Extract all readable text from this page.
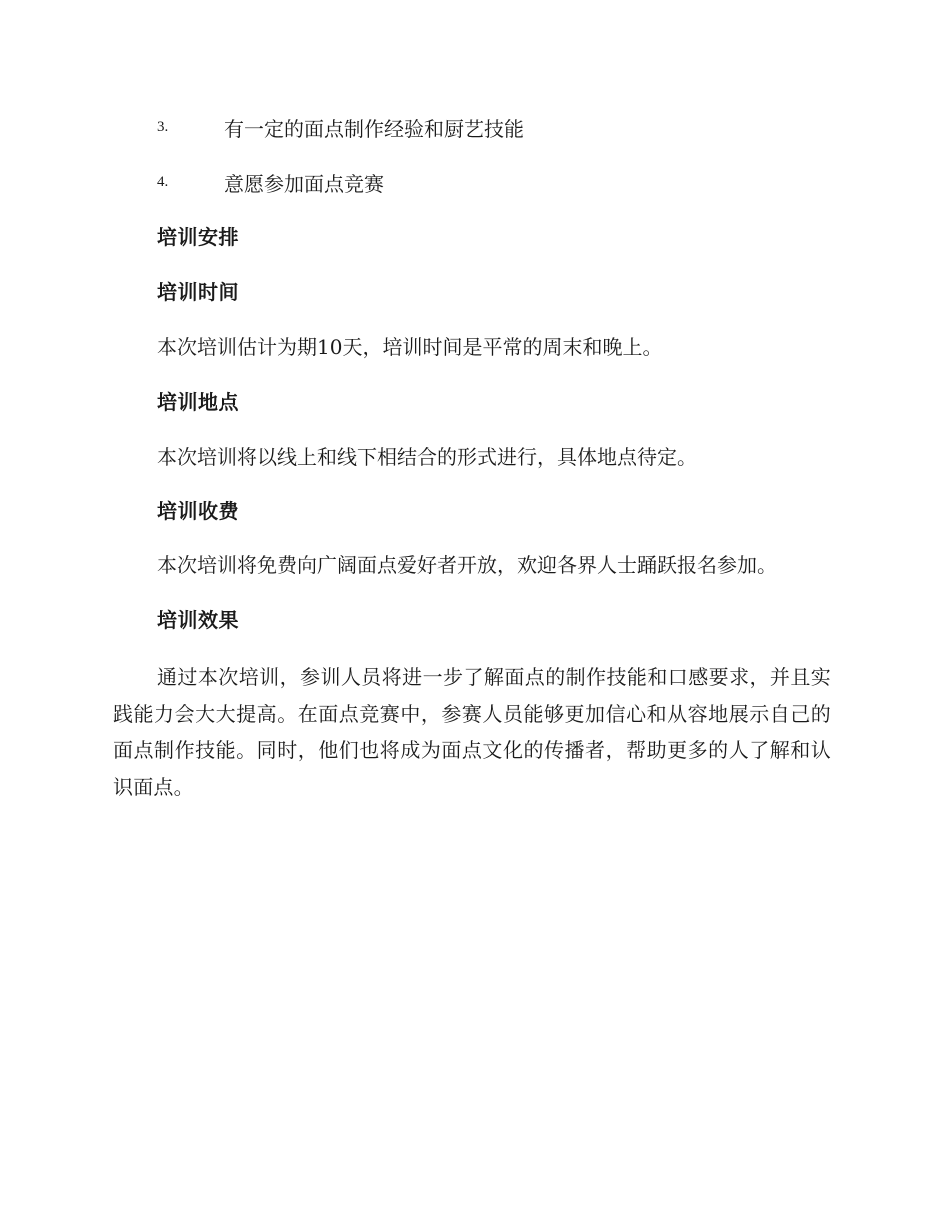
3.	有一定的面点制作经验和厨艺技能
4.	意愿参加面点竞赛
培训安排
培训时间
本次培训估计为期10天，培训时间是平常的周末和晚上。
培训地点
本次培训将以线上和线下相结合的形式进行，具体地点待定。
培训收费
本次培训将免费向广阔面点爱好者开放，欢迎各界人士踊跃报名参加。
培训效果
通过本次培训，参训人员将进一步了解面点的制作技能和口感要求，并且实践能力会大大提高。在面点竞赛中，参赛人员能够更加信心和从容地展示自己的面点制作技能。同时，他们也将成为面点文化的传播者，帮助更多的人了解和认识面点。
